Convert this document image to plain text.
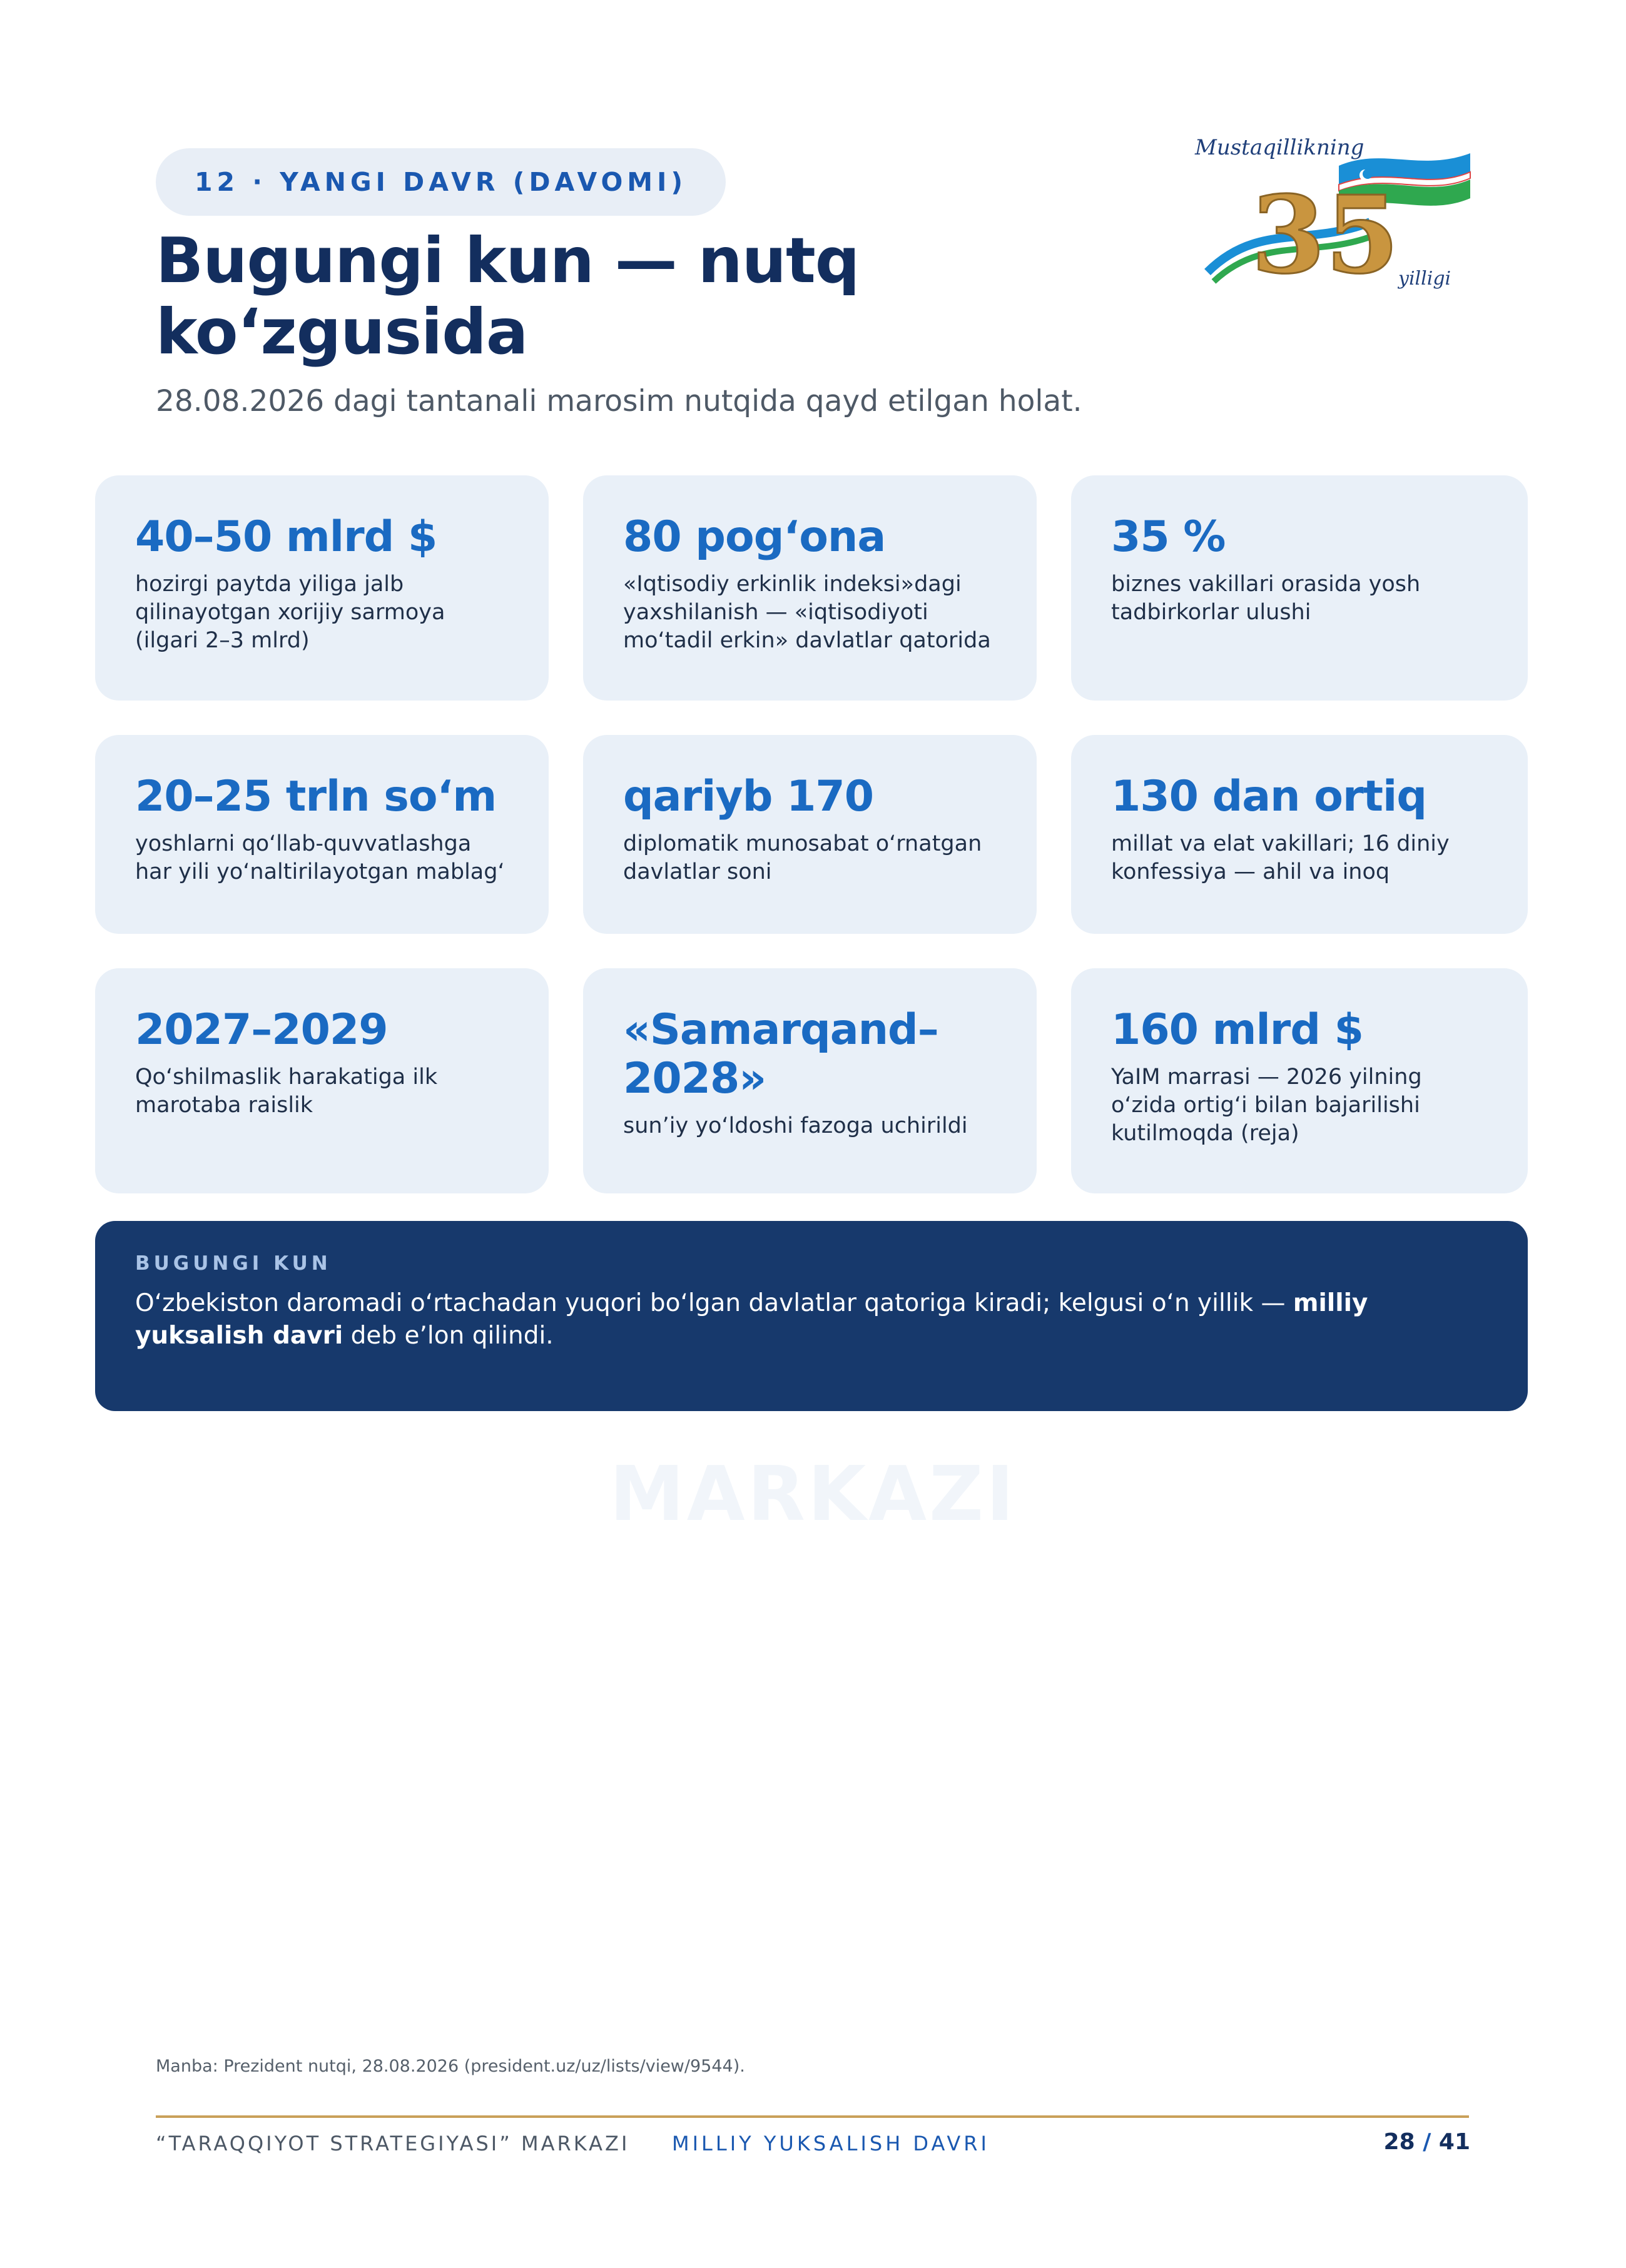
12 · YANGI DAVR (DAVOMI)
Bugungi kun — nutq ko‘zgusida
28.08.2026 dagi tantanali marosim nutqida qayd etilgan holat.
Mustaqillikning
35
yilligi
40–50 mlrd $
hozirgi paytda yiliga jalb qilinayotgan xorijiy sarmoya (ilgari 2–3 mlrd)
80 pog‘ona
«Iqtisodiy erkinlik indeksi»dagi yaxshilanish — «iqtisodiyoti mo‘tadil erkin» davlatlar qatorida
35 %
biznes vakillari orasida yosh tadbirkorlar ulushi
20–25 trln so‘m
yoshlarni qo‘llab-quvvatlashga har yili yo‘naltirilayotgan mablag‘
qariyb 170
diplomatik munosabat o‘rnatgan davlatlar soni
130 dan ortiq
millat va elat vakillari; 16 diniy konfessiya — ahil va inoq
2027–2029
Qo‘shilmaslik harakatiga ilk marotaba raislik
«Samarqand–2028»
sun’iy yo‘ldoshi fazoga uchirildi
160 mlrd $
YaIM marrasi — 2026 yilning o‘zida ortig‘i bilan bajarilishi kutilmoqda (reja)
BUGUNGI KUN
O‘zbekiston daromadi o‘rtachadan yuqori bo‘lgan davlatlar qatoriga kiradi; kelgusi o‘n yillik — milliy yuksalish davri deb e’lon qilindi.
MARKAZI
Manba: Prezident nutqi, 28.08.2026 (president.uz/uz/lists/view/9544).
“TARAQQIYOT STRATEGIYASI” MARKAZI MILLIY YUKSALISH DAVRI	28 / 41
